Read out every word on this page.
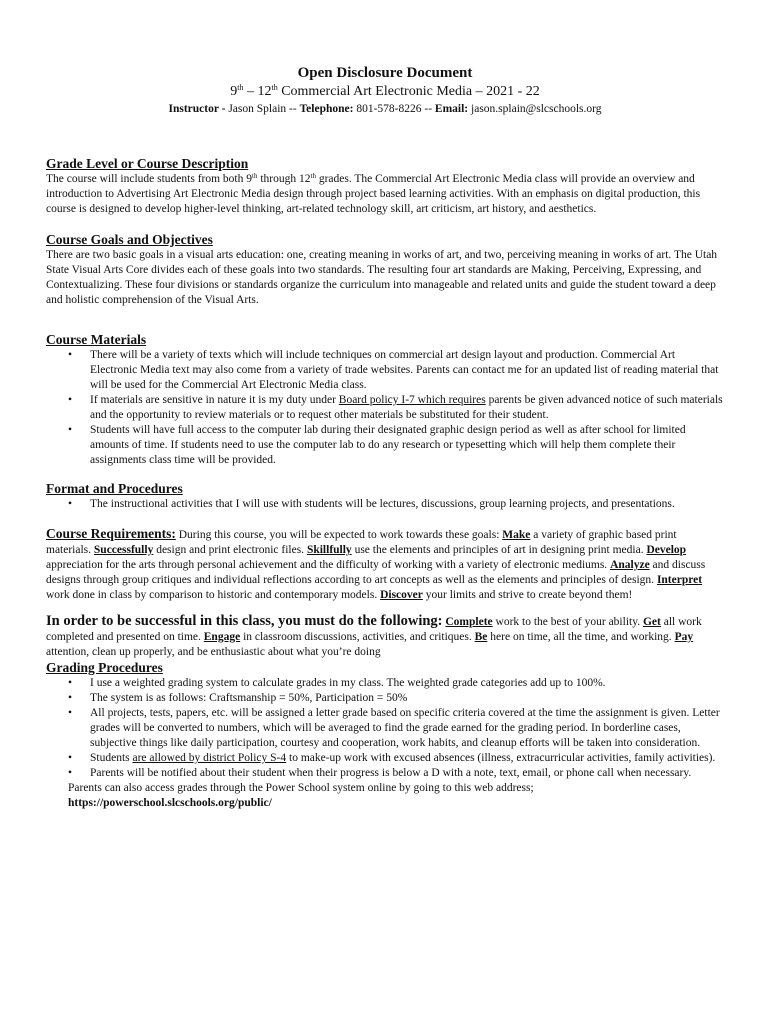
Open Disclosure Document
9th – 12th Commercial Art Electronic Media – 2021 - 22
Instructor - Jason Splain -- Telephone: 801-578-8226 -- Email: jason.splain@slcschools.org
Grade Level or Course Description

The course will include students from both 9th through 12th grades. The Commercial Art Electronic Media class will provide an overview and introduction to Advertising Art Electronic Media design through project based learning activities. With an emphasis on digital production, this course is designed to develop higher-level thinking, art-related technology skill, art criticism, art history, and aesthetics.

Course Goals and Objectives

There are two basic goals in a visual arts education: one, creating meaning in works of art, and two, perceiving meaning in works of art. The Utah State Visual Arts Core divides each of these goals into two standards. The resulting four art standards are Making, Perceiving, Expressing, and Contextualizing. These four divisions or standards organize the curriculum into manageable and related units and guide the student toward a deep and holistic comprehension of the Visual Arts.

Course Materials
• There will be a variety of texts which will include techniques on commercial art design layout and production. Commercial Art Electronic Media text may also come from a variety of trade websites. Parents can contact me for an updated list of reading material that will be used for the Commercial Art Electronic Media class.
• If materials are sensitive in nature it is my duty under Board policy I-7 which requires parents be given advanced notice of such materials and the opportunity to review materials or to request other materials be substituted for their student.
• Students will have full access to the computer lab during their designated graphic design period as well as after school for limited amounts of time. If students need to use the computer lab to do any research or typesetting which will help them complete their assignments class time will be provided.
Format and Procedures
• The instructional activities that I will use with students will be lectures, discussions, group learning projects, and presentations.

Course Requirements: During this course, you will be expected to work towards these goals: Make a variety of graphic based print materials. Successfully design and print electronic files. Skillfully use the elements and principles of art in designing print media. Develop appreciation for the arts through personal achievement and the difficulty of working with a variety of electronic mediums. Analyze and discuss designs through group critiques and individual reflections according to art concepts as well as the elements and principles of design. Interpret work done in class by comparison to historic and contemporary models. Discover your limits and strive to create beyond them!

In order to be successful in this class, you must do the following: Complete work to the best of your ability. Get all work completed and presented on time. Engage in classroom discussions, activities, and critiques. Be here on time, all the time, and working. Pay attention, clean up properly, and be enthusiastic about what you’re doing

Grading Procedures
• I use a weighted grading system to calculate grades in my class. The weighted grade categories add up to 100%.
• The system is as follows: Craftsmanship = 50%, Participation = 50%
• All projects, tests, papers, etc. will be assigned a letter grade based on specific criteria covered at the time the assignment is given. Letter grades will be converted to numbers, which will be averaged to find the grade earned for the grading period. In borderline cases, subjective things like daily participation, courtesy and cooperation, work habits, and cleanup efforts will be taken into consideration.
• Students are allowed by district Policy S-4 to make-up work with excused absences (illness, extracurricular activities, family activities).
• Parents will be notified about their student when their progress is below a D with a note, text, email, or phone call when necessary.
Parents can also access grades through the Power School system online by going to this web address;
https://powerschool.slcschools.org/public/
